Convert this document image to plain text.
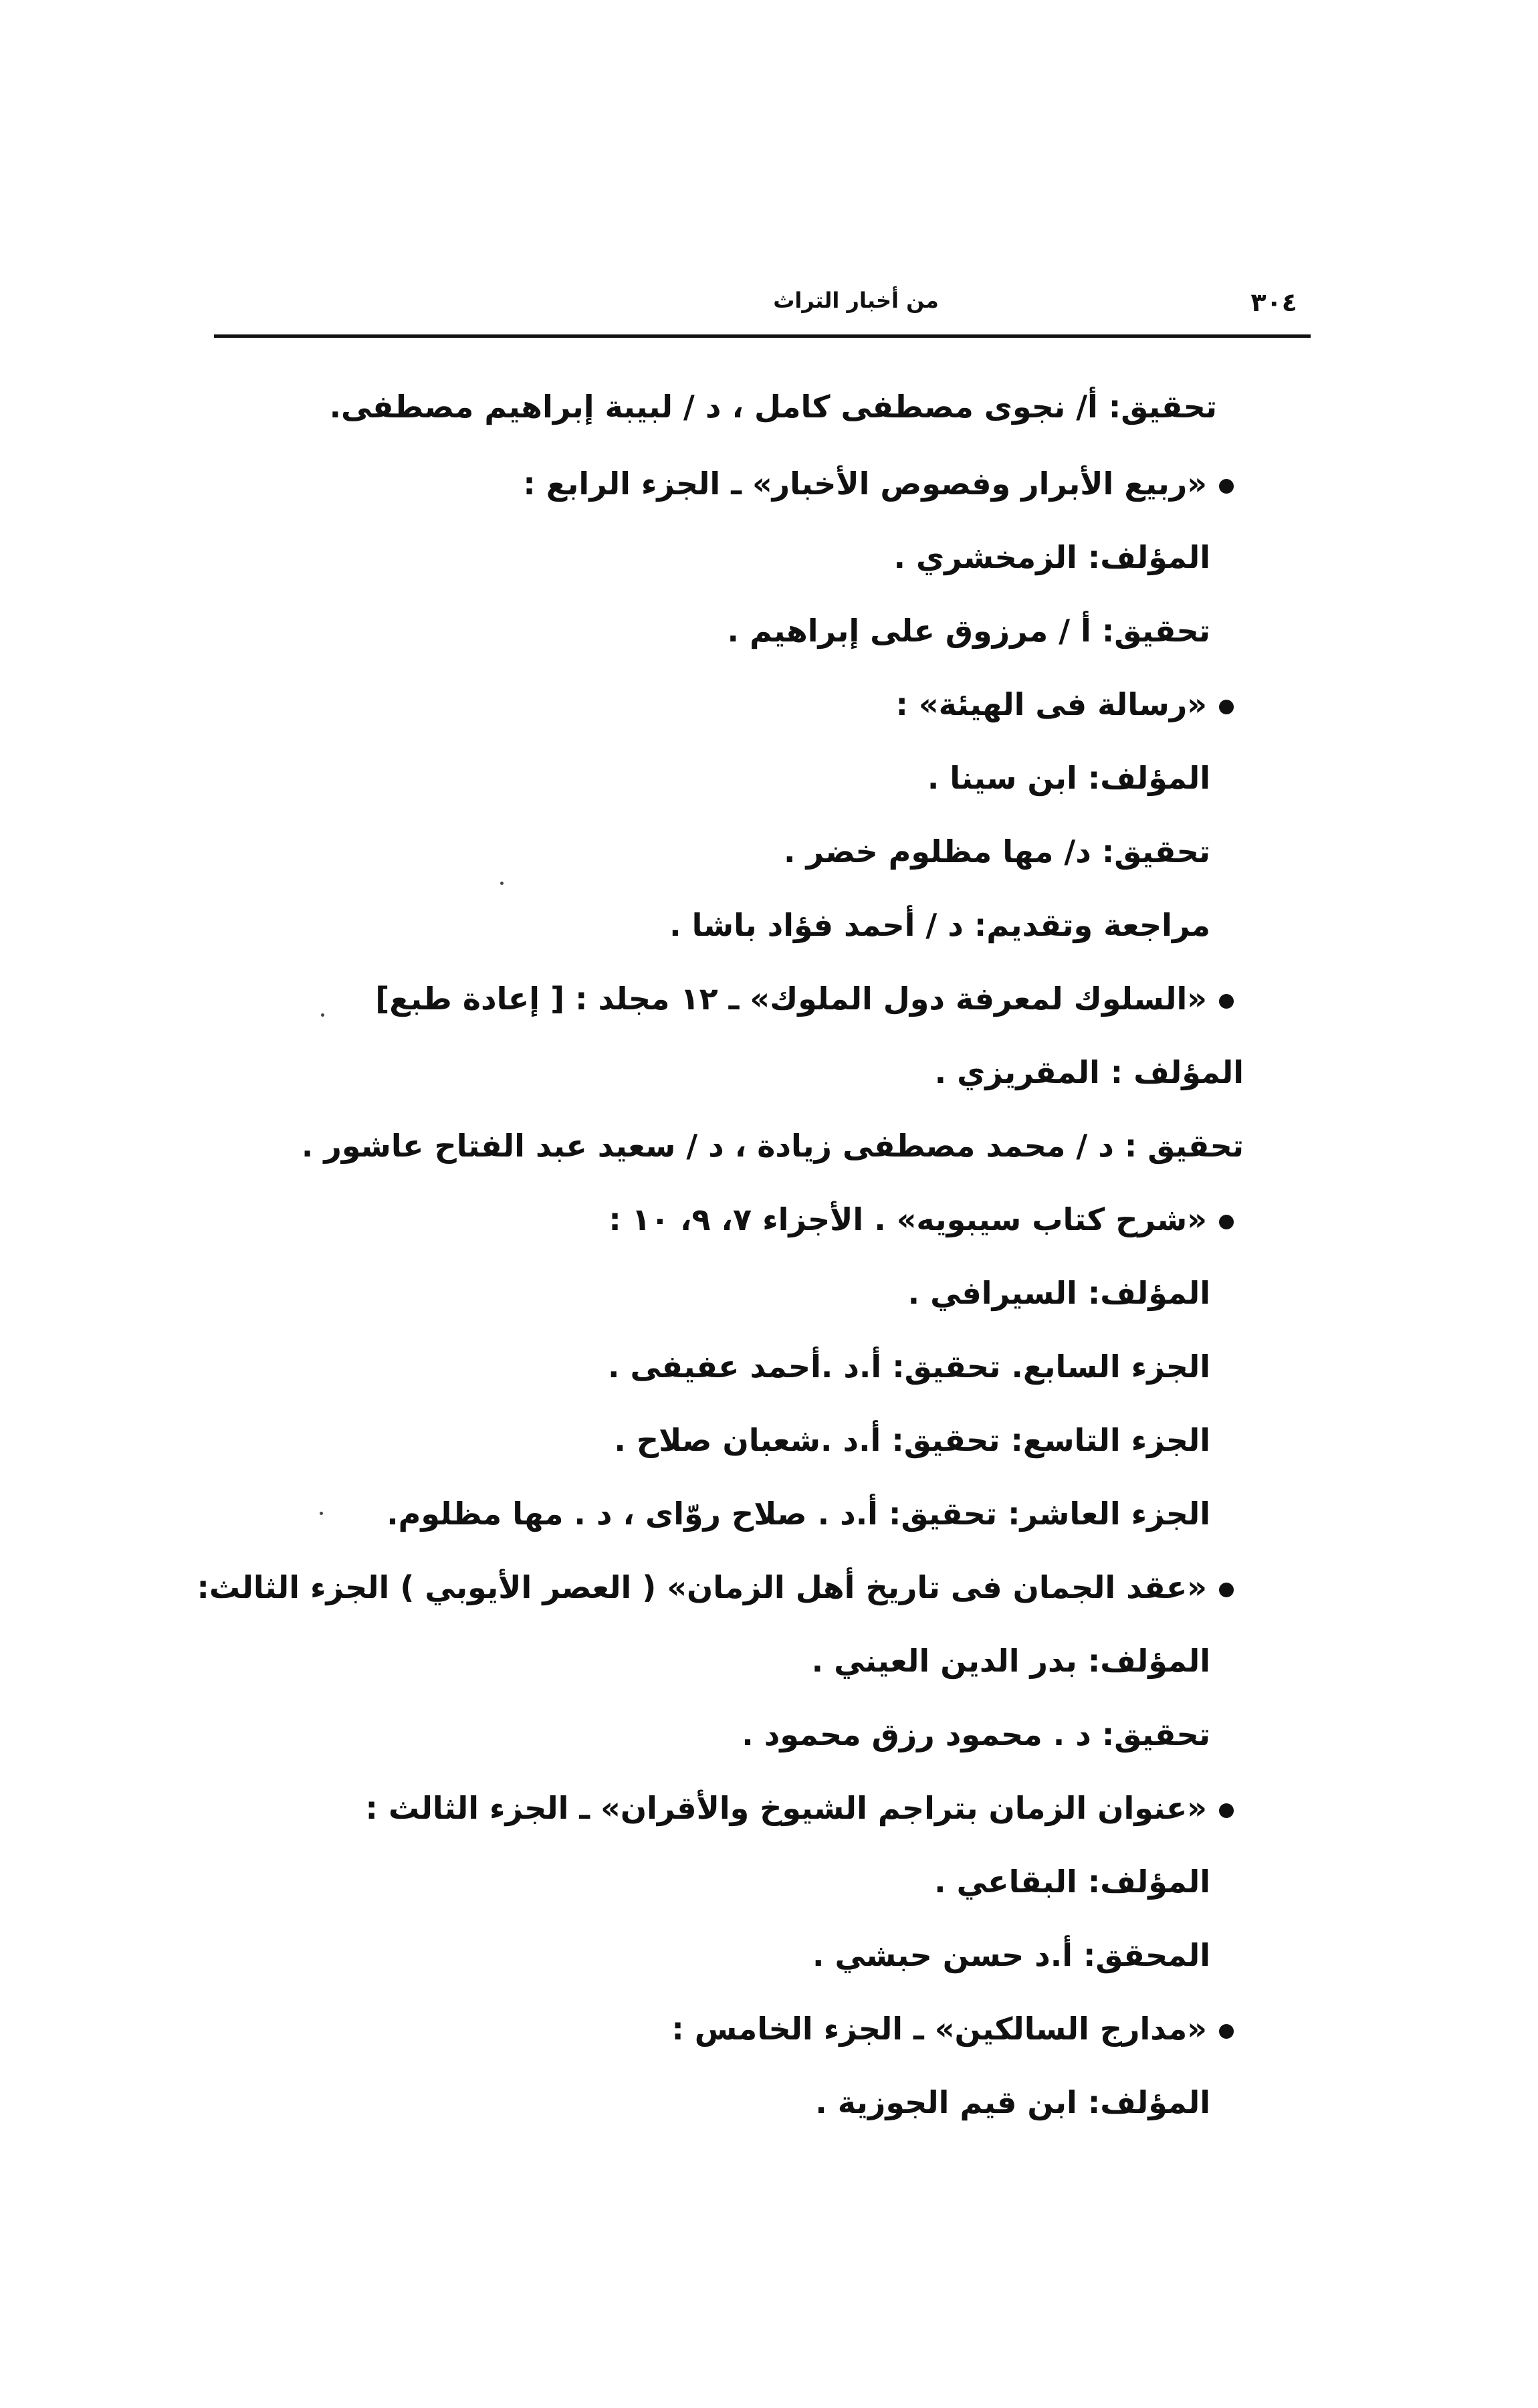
٣٠٤
من أخبار التراث
تحقيق: أ/ نجوى مصطفى كامل ، د / لبيبة إبراهيم مصطفى.
«ربيع الأبرار وفصوص الأخبار» ـ الجزء الرابع :
المؤلف: الزمخشري .
تحقيق: أ / مرزوق على إبراهيم .
«رسالة فى الهيئة» :
المؤلف: ابن سينا .
تحقيق: د/ مها مظلوم خضر .
مراجعة وتقديم: د / أحمد فؤاد باشا .
«السلوك لمعرفة دول الملوك» ـ ١٢ مجلد : [ إعادة طبع]
المؤلف : المقريزي .
تحقيق : د / محمد مصطفى زيادة ، د / سعيد عبد الفتاح عاشور .
«شرح كتاب سيبويه» . الأجزاء ٧، ٩، ١٠ :
المؤلف: السيرافي .
الجزء السابع. تحقيق: أ.د .أحمد عفيفى .
الجزء التاسع: تحقيق: أ.د .شعبان صلاح .
الجزء العاشر: تحقيق: أ.د . صلاح روّاى ، د . مها مظلوم.
«عقد الجمان فى تاريخ أهل الزمان» ( العصر الأيوبي ) الجزء الثالث:
المؤلف: بدر الدين العيني .
تحقيق: د . محمود رزق محمود .
«عنوان الزمان بتراجم الشيوخ والأقران» ـ الجزء الثالث :
المؤلف: البقاعي .
المحقق: أ.د حسن حبشي .
«مدارج السالكين» ـ الجزء الخامس :
المؤلف: ابن قيم الجوزية .
